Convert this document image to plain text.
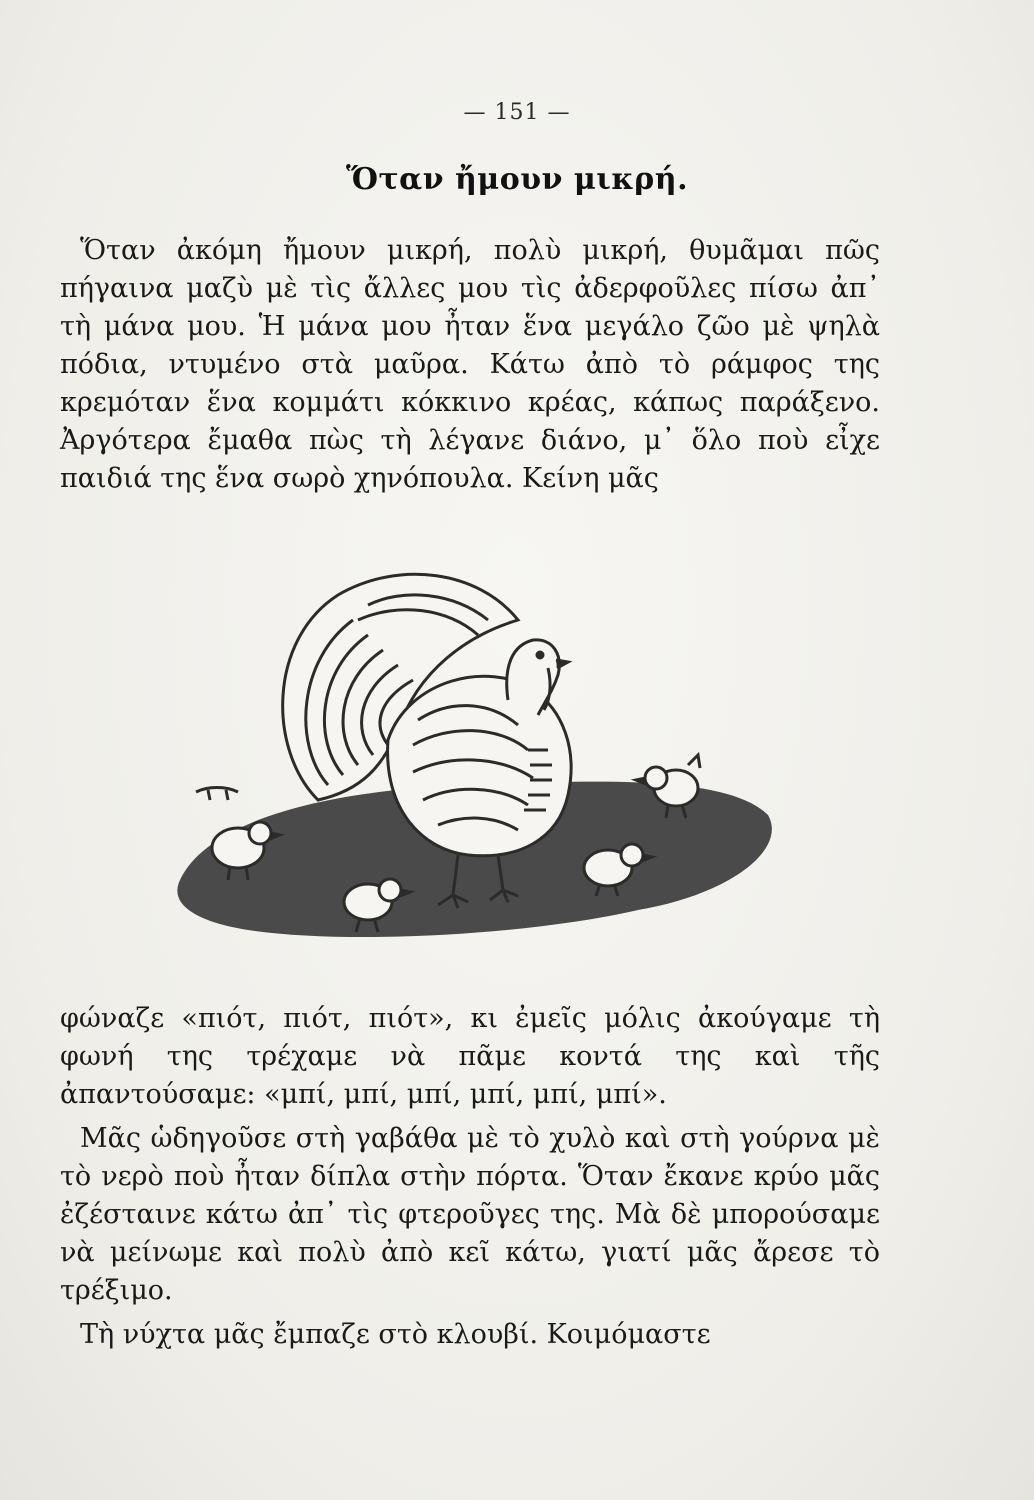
— 151 —
Ὅταν ἤμουν μικρή.

Ὅταν ἀκόμη ἤμουν μικρή, πολὺ μικρή, θυμᾶμαι πῶς πήγαινα μαζὺ μὲ τὶς ἄλλες μου τὶς ἀδερφοῦλες πίσω ἀπ᾽ τὴ μάνα μου. Ἡ μάνα μου ἦταν ἕνα μεγάλο ζῶο μὲ ψηλὰ πόδια, ντυμένο στὰ μαῦρα. Κάτω ἀπὸ τὸ ράμφος της κρεμόταν ἕνα κομμάτι κόκκινο κρέας, κάπως παράξενο. Ἀργότερα ἔμαθα πὼς τὴ λέγανε διάνο, μ᾽ ὅλο ποὺ εἶχε παιδιά της ἕνα σωρὸ χηνόπουλα. Κείνη μᾶς

φώναζε «πιότ, πιότ, πιότ», κι ἐμεῖς μόλις ἀκούγαμε τὴ φωνή της τρέχαμε νὰ πᾶμε κοντά της καὶ τῆς ἀπαντούσαμε: «μπί, μπί, μπί, μπί, μπί, μπί».

Μᾶς ὡδηγοῦσε στὴ γαβάθα μὲ τὸ χυλὸ καὶ στὴ γούρνα μὲ τὸ νερὸ ποὺ ἦταν δίπλα στὴν πόρτα. Ὅταν ἔκανε κρύο μᾶς ἐζέσταινε κάτω ἀπ᾽ τὶς φτεροῦγες της. Μὰ δὲ μπορούσαμε νὰ μείνωμε καὶ πολὺ ἀπὸ κεῖ κάτω, γιατί μᾶς ἄρεσε τὸ τρέξιμο.

Τὴ νύχτα μᾶς ἔμπαζε στὸ κλουβί. Κοιμόμαστε
